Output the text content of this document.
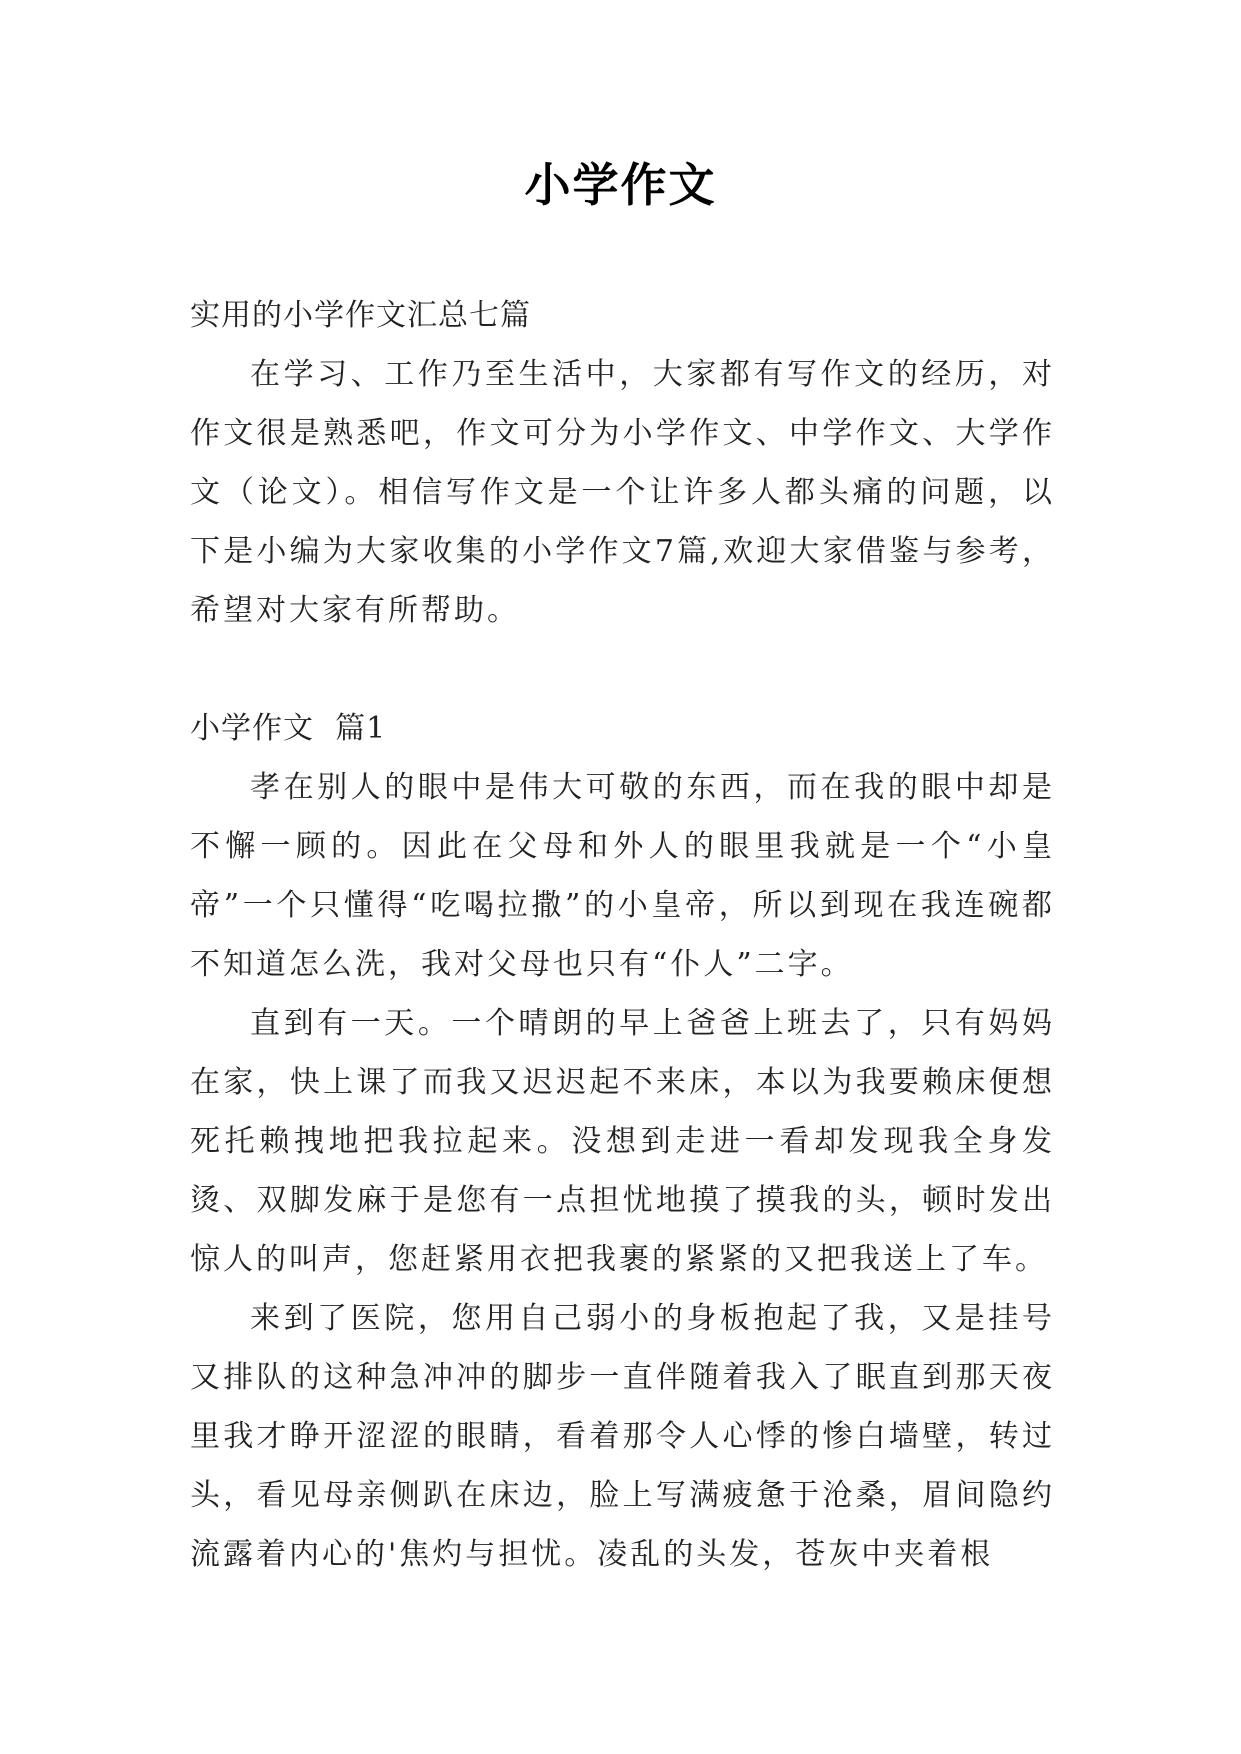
小学作文

实用的小学作文汇总七篇

在学习、工作乃至生活中，大家都有写作文的经历，对作文很是熟悉吧，作文可分为小学作文、中学作文、大学作文（论文）。相信写作文是一个让许多人都头痛的问题，以下是小编为大家收集的小学作文7篇,欢迎大家借鉴与参考，希望对大家有所帮助。

小学作文  篇1

孝在别人的眼中是伟大可敬的东西，而在我的眼中却是不懈一顾的。因此在父母和外人的眼里我就是一个“小皇帝”一个只懂得“吃喝拉撒”的小皇帝，所以到现在我连碗都不知道怎么洗，我对父母也只有“仆人”二字。

直到有一天。一个晴朗的早上爸爸上班去了，只有妈妈在家，快上课了而我又迟迟起不来床，本以为我要赖床便想死托赖拽地把我拉起来。没想到走进一看却发现我全身发烫、双脚发麻于是您有一点担忧地摸了摸我的头，顿时发出惊人的叫声，您赶紧用衣把我裹的紧紧的又把我送上了车。

来到了医院，您用自己弱小的身板抱起了我，又是挂号又排队的这种急冲冲的脚步一直伴随着我入了眠直到那天夜里我才睁开涩涩的眼睛，看着那令人心悸的惨白墙壁，转过头，看见母亲侧趴在床边，脸上写满疲惫于沧桑，眉间隐约流露着内心的'焦灼与担忧。凌乱的头发，苍灰中夹着根
